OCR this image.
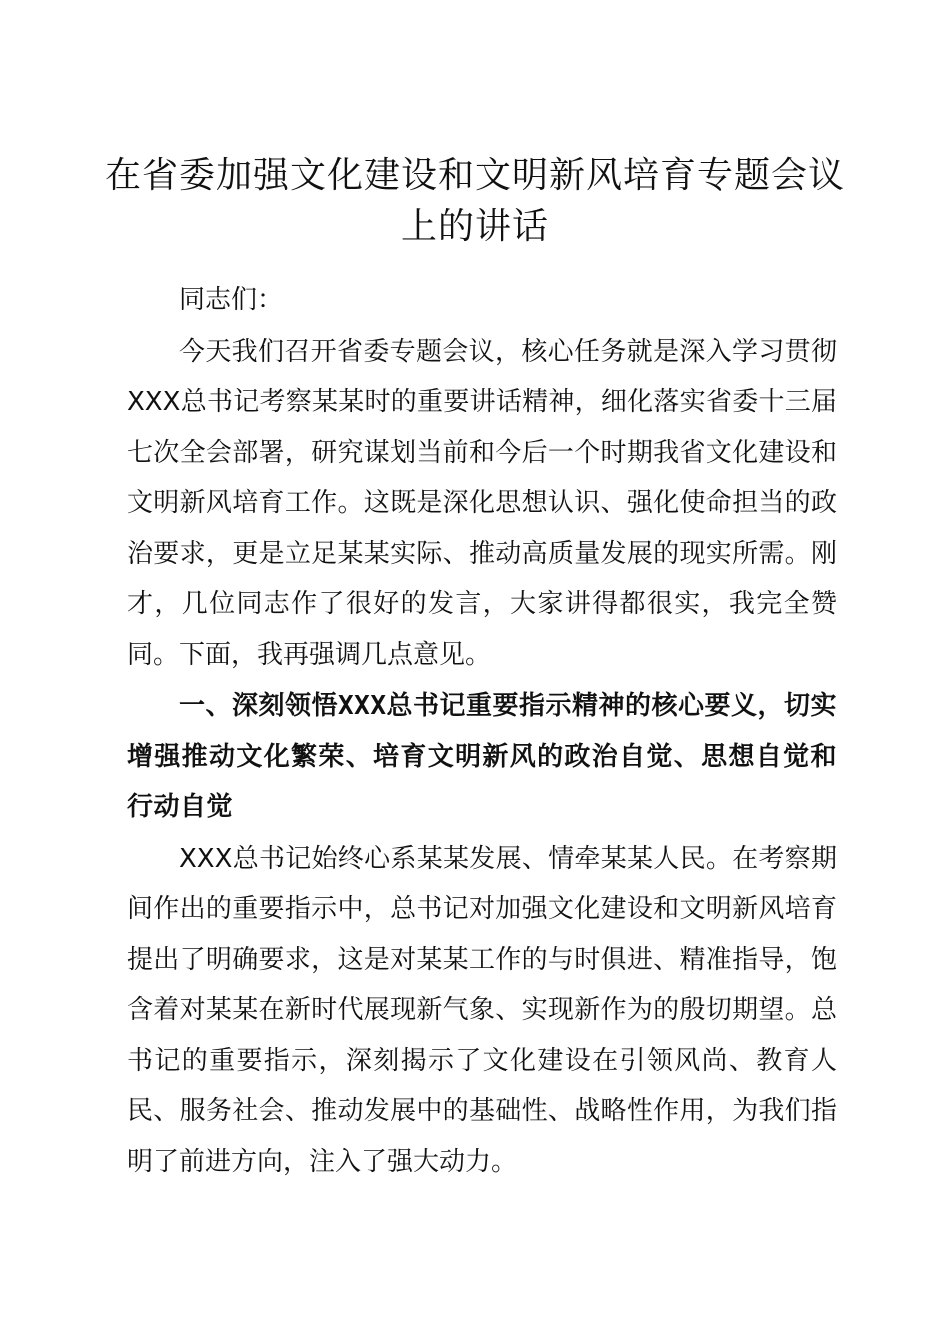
在省委加强文化建设和文明新风培育专题会议上的讲话

同志们：

今天我们召开省委专题会议，核心任务就是深入学习贯彻XXX总书记考察某某时的重要讲话精神，细化落实省委十三届七次全会部署，研究谋划当前和今后一个时期我省文化建设和文明新风培育工作。这既是深化思想认识、强化使命担当的政治要求，更是立足某某实际、推动高质量发展的现实所需。刚才，几位同志作了很好的发言，大家讲得都很实，我完全赞同。下面，我再强调几点意见。

一、深刻领悟XXX总书记重要指示精神的核心要义，切实增强推动文化繁荣、培育文明新风的政治自觉、思想自觉和行动自觉

XXX总书记始终心系某某发展、情牵某某人民。在考察期间作出的重要指示中，总书记对加强文化建设和文明新风培育提出了明确要求，这是对某某工作的与时俱进、精准指导，饱含着对某某在新时代展现新气象、实现新作为的殷切期望。总书记的重要指示，深刻揭示了文化建设在引领风尚、教育人民、服务社会、推动发展中的基础性、战略性作用，为我们指明了前进方向，注入了强大动力。
